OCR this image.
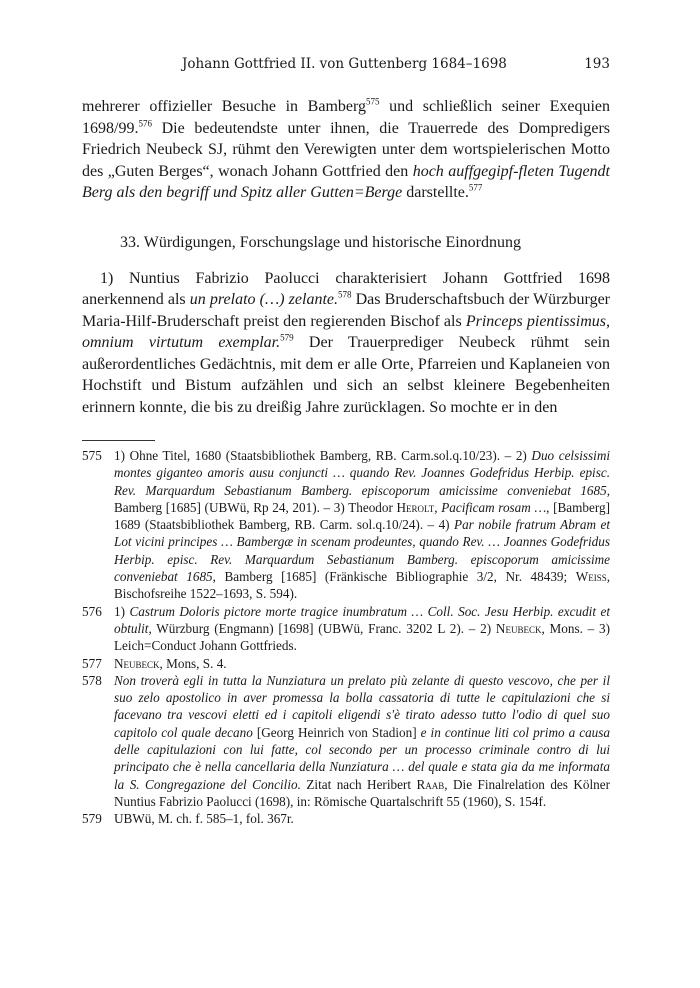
Johann Gottfried II. von Guttenberg 1684–1698	193

mehrerer offizieller Besuche in Bamberg$^{575}$ und schließlich seiner Exequien 1698/99.$^{576}$ Die bedeutendste unter ihnen, die Trauerrede des Dompredigers Friedrich Neubeck SJ, rühmt den Verewigten unter dem wortspielerischen Motto des „Guten Berges“, wonach Johann Gottfried den hoch auffgegipf-fleten Tugendt Berg als den begriff und Spitz aller Gutten=Berge darstellte.$^{577}$

33. Würdigungen, Forschungslage und historische Einordnung

1) Nuntius Fabrizio Paolucci charakterisiert Johann Gottfried 1698 anerkennend als un prelato (…) zelante.$^{578}$ Das Bruderschaftsbuch der Würzburger Maria-Hilf-Bruderschaft preist den regierenden Bischof als Princeps pientissimus, omnium virtutum exemplar.$^{579}$ Der Trauerprediger Neubeck rühmt sein außerordentliches Gedächtnis, mit dem er alle Orte, Pfarreien und Kaplaneien von Hochstift und Bistum aufzählen und sich an selbst kleinere Begebenheiten erinnern konnte, die bis zu dreißig Jahre zurücklagen. So mochte er in den

575 1) Ohne Titel, 1680 (Staatsbibliothek Bamberg, RB. Carm.sol.q.10/23). – 2) Duo celsissimi montes giganteo amoris ausu conjuncti … quando Rev. Joannes Godefridus Herbip. episc. Rev. Marquardum Sebastianum Bamberg. episcoporum amicissime conveniebat 1685, Bamberg [1685] (UBWü, Rp 24, 201). – 3) Theodor Herolt, Pacificam rosam …, [Bamberg] 1689 (Staatsbibliothek Bamberg, RB. Carm. sol.q.10/24). – 4) Par nobile fratrum Abram et Lot vicini principes … Bambergæ in scenam prodeuntes, quando Rev. … Joannes Godefridus Herbip. episc. Rev. Marquardum Sebastianum Bamberg. episcoporum amicissime conveniebat 1685, Bamberg [1685] (Fränkische Bibliographie 3/2, Nr. 48439; Weiss, Bischofsreihe 1522–1693, S. 594).
576 1) Castrum Doloris pictore morte tragice inumbratum … Coll. Soc. Jesu Herbip. excudit et obtulit, Würzburg (Engmann) [1698] (UBWü, Franc. 3202 L 2). – 2) Neubeck, Mons. – 3) Leich=Conduct Johann Gottfrieds.
577 Neubeck, Mons, S. 4.
578 Non troverà egli in tutta la Nunziatura un prelato più zelante di questo vescovo, che per il suo zelo apostolico in aver promessa la bolla cassatoria di tutte le capitulazioni che si facevano tra vescovi eletti ed i capitoli eligendi s'è tirato adesso tutto l'odio di quel suo capitolo col quale decano [Georg Heinrich von Stadion] e in continue liti col primo a causa delle capitulazioni con lui fatte, col secondo per un processo criminale contro di lui principato che è nella cancellaria della Nunziatura … del quale e stata gia da me informata la S. Congregazione del Concilio. Zitat nach Heribert Raab, Die Finalrelation des Kölner Nuntius Fabrizio Paolucci (1698), in: Römische Quartalschrift 55 (1960), S. 154f.
579 UBWü, M. ch. f. 585–1, fol. 367r.
